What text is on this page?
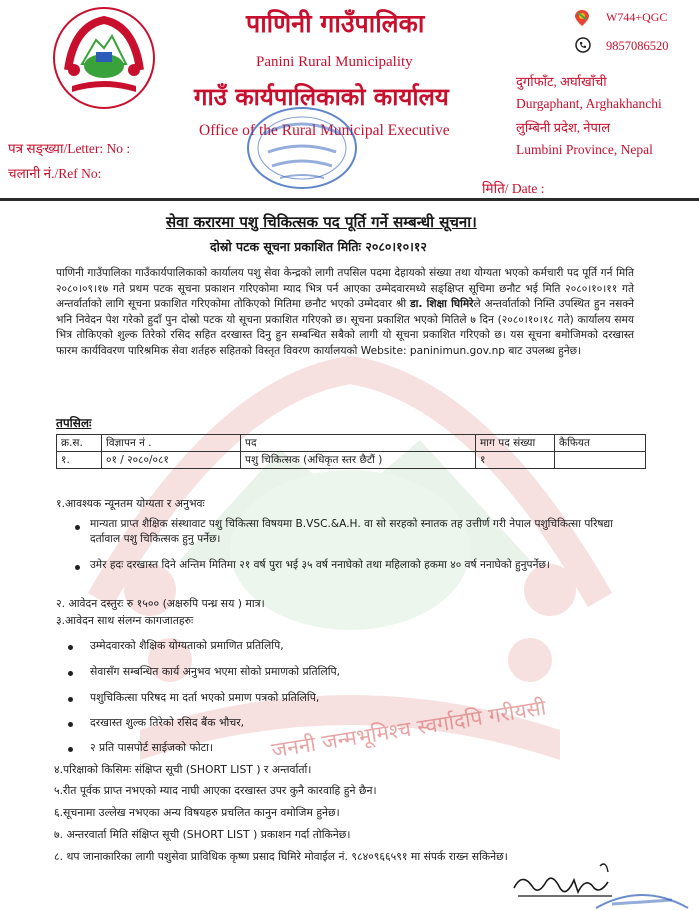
जननी जन्मभूमिश्च स्वर्गादपि गरीयसी
पाणिनी गाउँपालिका
Panini Rural Municipality
गाउँ कार्यपालिकाको कार्यालय
Office of the Rural Municipal Executive
W744+QGC
9857086520
दुर्गाफाँट, अर्घाखाँची
Durgaphant, Arghakhanchi
लुम्बिनी प्रदेश, नेपाल
Lumbini Province, Nepal
पत्र सङ्ख्या/Letter: No :
चलानी नं./Ref No:
मिति/ Date :
सेवा करारमा पशु चिकित्सक पद पूर्ति गर्ने सम्बन्धी सूचना।
दोस्रो पटक सूचना प्रकाशित मितिः २०८०।१०।१२
पाणिनी गाउँपालिका गाउँकार्यपालिकाको कार्यालय पशु सेवा केन्द्रको लागी तपसिल पदमा देहायको संख्या तथा योग्यता भएको कर्मचारी पद पूर्ति गर्न मिति २०८०।०९।१७ गते प्रथम पटक सूचना प्रकाशन गरिएकोमा म्याद भित्र पर्न आएका उम्मेदवारमध्ये सङ्क्षिप्त सूचिमा छनौट भई मिति २०८०।१०।११ गते अन्तर्वार्ताको लागि सूचना प्रकाशित गरिएकोमा तोकिएको मितिमा छनौट भएको उम्मेदवार श्री डा. शिक्षा घिमिरेले अन्तर्वार्ताको निम्ति उपस्थित हुन नसक्ने भनि निवेदन पेश गरेको हुदाँ पुन दोस्रो पटक यो सूचना प्रकाशित गरिएको छ। सूचना प्रकाशित भएको मितिले ७ दिन (२०८०।१०।१८ गते) कार्यालय समय भित्र तोकिएको शुल्क तिरेको रसिद सहित दरखास्त दिनु हुन सम्बन्धित सबैको लागी यो सूचना प्रकाशित गरिएको छ। यस सूचना बमोजिमको दरखास्त फारम कार्यविवरण पारिश्रमिक सेवा शर्तहरु सहितको विस्तृत विवरण कार्यालयको Website: paninimun.gov.np बाट उपलब्ध हुनेछ।
तपसिलः
क्र.स.	विज्ञापन नं .	पद	माग पद संख्या	कैफियत
१.	०१ / २०८०/०८१	पशु चिकित्सक (अधिकृत स्तर छैटौं )	१	
१.आवश्यक न्यूनतम योग्यता र अनुभवः
मान्यता प्राप्त शैक्षिक संस्थावाट पशु चिकित्सा विषयमा B.VSC.&A.H. वा सो सरहको स्नातक तह उत्तीर्ण गरी नेपाल पशुचिकित्सा परिषद्या दर्तावाल पशु चिकित्सक हुनु पर्नेछ।
उमेर हदः दरखास्त दिने अन्तिम मितिमा २१ वर्ष पुरा भई ३५ वर्ष ननाघेको तथा महिलाको हकमा ४० वर्ष ननाघेको हुनुपर्नेछ।
२. आवेदन दस्तुरः रु १५०० (अक्षरुपि पन्ध्र सय ) मात्र।
३.आवेदन साथ संलग्न कागजातहरुः
उम्मेदवारको शैक्षिक योग्यताको प्रमाणित प्रतिलिपि,
सेवासँग सम्बन्धित कार्य अनुभव भएमा सोको प्रमाणको प्रतिलिपि,
पशुचिकित्सा परिषद मा दर्ता भएको प्रमाण पत्रको प्रतिलिपि,
दरखास्त शुल्क तिरेको रसिद बैंक भौचर,
२ प्रति पासपोर्ट साईजको फोटा।
४.परिक्षाको किसिमः संक्षिप्त सूची (SHORT LIST ) र अन्तर्वार्ता।
५.रीत पूर्वक प्राप्त नभएको म्याद नाघी आएका दरखास्त उपर कुनै कारवाहि हुने छैन।
६.सूचनामा उल्लेख नभएका अन्य विषयहरु प्रचलित कानुन वमोजिम हुनेछ।
७. अन्तरवार्ता मिति संक्षिप्त सूची (SHORT LIST ) प्रकाशन गर्दा तोकिनेछ।
८. थप जानाकारिका लागी पशुसेवा प्राविधिक कृष्ण प्रसाद घिमिरे मोवाईल नं. ९८४०९६६५९१ मा संपर्क राख्न सकिनेछ।
